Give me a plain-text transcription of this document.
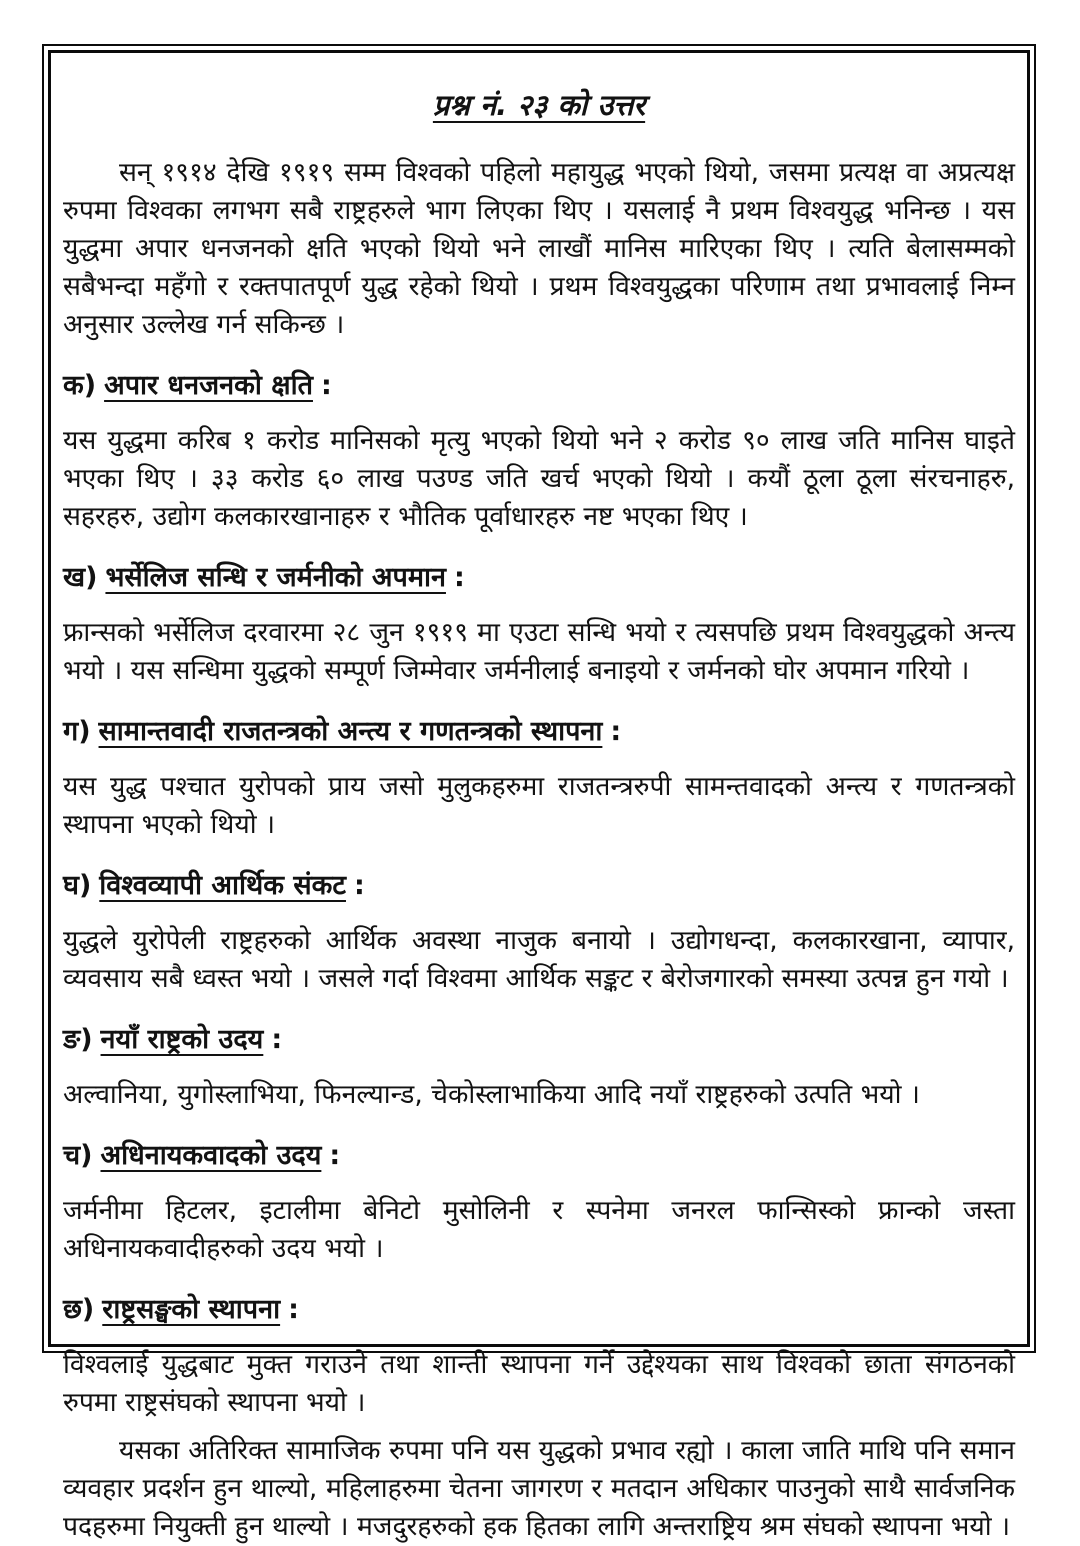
प्रश्न नं. २३ को उत्तर

सन् १९१४ देखि १९१९ सम्म विश्वको पहिलो महायुद्ध भएको थियो, जसमा प्रत्यक्ष वा अप्रत्यक्ष रुपमा विश्वका लगभग सबै राष्ट्रहरुले भाग लिएका थिए । यसलाई नै प्रथम विश्वयुद्ध भनिन्छ । यस युद्धमा अपार धनजनको क्षति भएको थियो भने लाखौं मानिस मारिएका थिए । त्यति बेलासम्मको सबैभन्दा महँगो र रक्तपातपूर्ण युद्ध रहेको थियो । प्रथम विश्वयुद्धका परिणाम तथा प्रभावलाई निम्न अनुसार उल्लेख गर्न सकिन्छ ।

क) अपार धनजनको क्षति :

यस युद्धमा करिब १ करोड मानिसको मृत्यु भएको थियो भने २ करोड ९० लाख जति मानिस घाइते भएका थिए । ३३ करोड ६० लाख पउण्ड जति खर्च भएको थियो । कयौं ठूला ठूला संरचनाहरु, सहरहरु, उद्योग कलकारखानाहरु र भौतिक पूर्वाधारहरु नष्ट भएका थिए ।

ख) भर्सेलिज सन्धि र जर्मनीको अपमान :

फ्रान्सको भर्सेलिज दरवारमा २८ जुन १९१९ मा एउटा सन्धि भयो र त्यसपछि प्रथम विश्वयुद्धको अन्त्य भयो । यस सन्धिमा युद्धको सम्पूर्ण जिम्मेवार जर्मनीलाई बनाइयो र जर्मनको घोर अपमान गरियो ।

ग) सामान्तवादी राजतन्त्रको अन्त्य र गणतन्त्रको स्थापना :

यस युद्ध पश्चात युरोपको प्राय जसो मुलुकहरुमा राजतन्त्ररुपी सामन्तवादको अन्त्य र गणतन्त्रको स्थापना भएको थियो ।

घ) विश्वव्यापी आर्थिक संकट :

युद्धले युरोपेली राष्ट्रहरुको आर्थिक अवस्था नाजुक बनायो । उद्योगधन्दा, कलकारखाना, व्यापार, व्यवसाय सबै ध्वस्त भयो । जसले गर्दा विश्वमा आर्थिक सङ्कट र बेरोजगारको समस्या उत्पन्न हुन गयो ।

ङ) नयाँ राष्ट्रको उदय :

अल्वानिया, युगोस्लाभिया, फिनल्यान्ड, चेकोस्लाभाकिया आदि नयाँ राष्ट्रहरुको उत्पति भयो ।

च) अधिनायकवादको उदय :

जर्मनीमा हिटलर, इटालीमा बेनिटो मुसोलिनी र स्पनेमा जनरल फान्सिस्को फ्रान्को जस्ता अधिनायकवादीहरुको उदय भयो ।

छ) राष्ट्रसङ्घको स्थापना :

विश्वलाई युद्धबाट मुक्त गराउने तथा शान्ती स्थापना गर्ने उद्देश्यका साथ विश्वको छाता संगठनको रुपमा राष्ट्रसंघको स्थापना भयो ।

यसका अतिरिक्त सामाजिक रुपमा पनि यस युद्धको प्रभाव रह्यो । काला जाति माथि पनि समान व्यवहार प्रदर्शन हुन थाल्यो, महिलाहरुमा चेतना जागरण र मतदान अधिकार पाउनुको साथै सार्वजनिक पदहरुमा नियुक्ती हुन थाल्यो । मजदुरहरुको हक हितका लागि अन्तराष्ट्रिय श्रम संघको स्थापना भयो ।
